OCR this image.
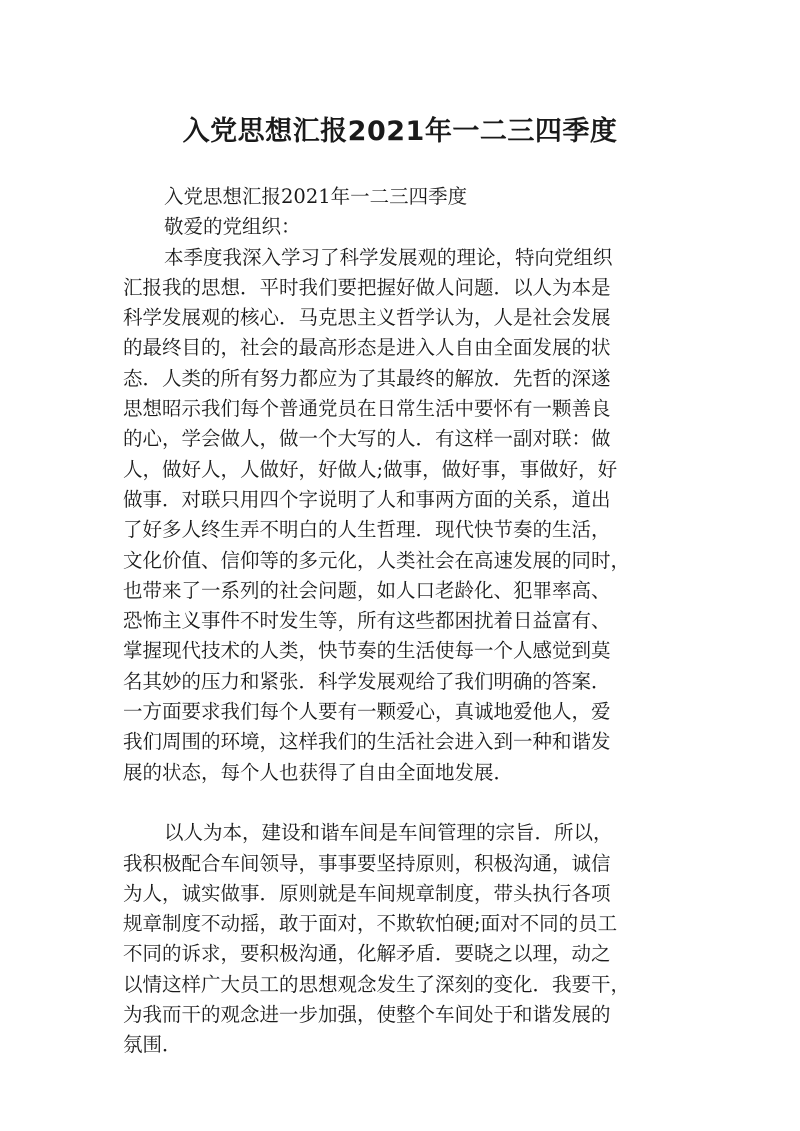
入党思想汇报2021年一二三四季度
入党思想汇报2021年一二三四季度
敬爱的党组织：
本季度我深入学习了科学发展观的理论，特向党组织
汇报我的思想．平时我们要把握好做人问题．以人为本是
科学发展观的核心．马克思主义哲学认为，人是社会发展
的最终目的，社会的最高形态是进入人自由全面发展的状
态．人类的所有努力都应为了其最终的解放．先哲的深遂
思想昭示我们每个普通党员在日常生活中要怀有一颗善良
的心，学会做人，做一个大写的人．有这样一副对联：做
人，做好人，人做好，好做人;做事，做好事，事做好，好
做事．对联只用四个字说明了人和事两方面的关系，道出
了好多人终生弄不明白的人生哲理．现代快节奏的生活，
文化价值、信仰等的多元化，人类社会在高速发展的同时，
也带来了一系列的社会问题，如人口老龄化、犯罪率高、
恐怖主义事件不时发生等，所有这些都困扰着日益富有、
掌握现代技术的人类，快节奏的生活使每一个人感觉到莫
名其妙的压力和紧张．科学发展观给了我们明确的答案．
一方面要求我们每个人要有一颗爱心，真诚地爱他人，爱
我们周围的环境，这样我们的生活社会进入到一种和谐发
展的状态，每个人也获得了自由全面地发展．
以人为本，建设和谐车间是车间管理的宗旨．所以，
我积极配合车间领导，事事要坚持原则，积极沟通，诚信
为人，诚实做事．原则就是车间规章制度，带头执行各项
规章制度不动摇，敢于面对，不欺软怕硬;面对不同的员工
不同的诉求，要积极沟通，化解矛盾．要晓之以理，动之
以情这样广大员工的思想观念发生了深刻的变化．我要干，
为我而干的观念进一步加强，使整个车间处于和谐发展的
氛围．
